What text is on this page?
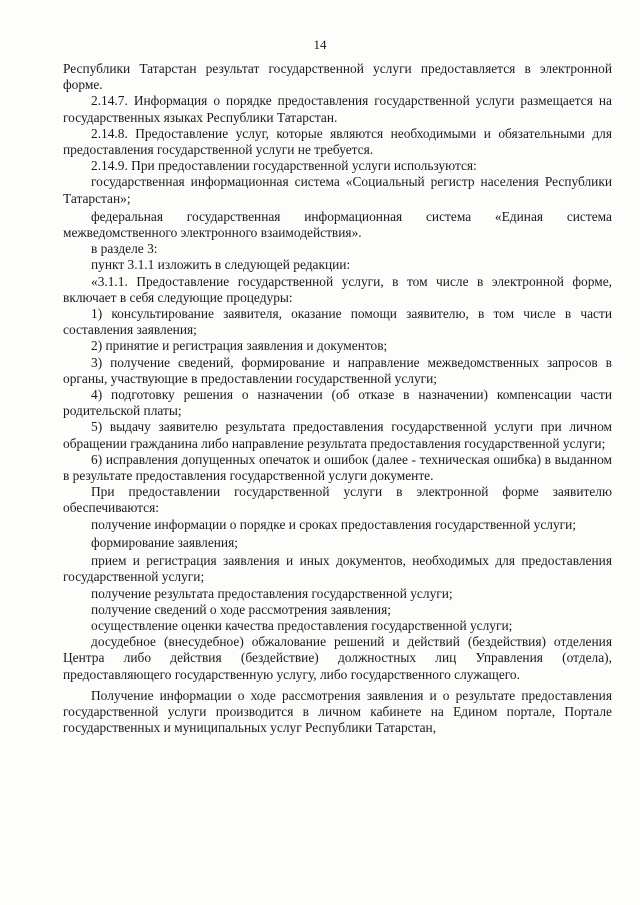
14

Республики Татарстан результат государственной услуги предоставляется в электронной форме.

2.14.7. Информация о порядке предоставления государственной услуги размещается на государственных языках Республики Татарстан.

2.14.8. Предоставление услуг, которые являются необходимыми и обязательными для предоставления государственной услуги не требуется.

2.14.9. При предоставлении государственной услуги используются:

государственная информационная система «Социальный регистр населения Республики Татарстан»;

федеральная государственная информационная система «Единая система межведомственного электронного взаимодействия».

в разделе 3:

пункт 3.1.1 изложить в следующей редакции:

«3.1.1. Предоставление государственной услуги, в том числе в электронной форме, включает в себя следующие процедуры:

1) консультирование заявителя, оказание помощи заявителю, в том числе в части составления заявления;

2) принятие и регистрация заявления и документов;

3) получение сведений, формирование и направление межведомственных запросов в органы, участвующие в предоставлении государственной услуги;

4) подготовку решения о назначении (об отказе в назначении) компенсации части родительской платы;

5) выдачу заявителю результата предоставления государственной услуги при личном обращении гражданина либо направление результата предоставления государственной услуги;

6) исправления допущенных опечаток и ошибок (далее - техническая ошибка) в выданном в результате предоставления государственной услуги документе.

При предоставлении государственной услуги в электронной форме заявителю обеспечиваются:

получение информации о порядке и сроках предоставления государственной услуги;

формирование заявления;

прием и регистрация заявления и иных документов, необходимых для предоставления государственной услуги;

получение результата предоставления государственной услуги;

получение сведений о ходе рассмотрения заявления;

осуществление оценки качества предоставления государственной услуги;

досудебное (внесудебное) обжалование решений и действий (бездействия) отделения Центра либо действия (бездействие) должностных лиц Управления (отдела), предоставляющего государственную услугу, либо государственного служащего.

Получение информации о ходе рассмотрения заявления и о результате предоставления государственной услуги производится в личном кабинете на Едином портале, Портале государственных и муниципальных услуг Республики Татарстан,
